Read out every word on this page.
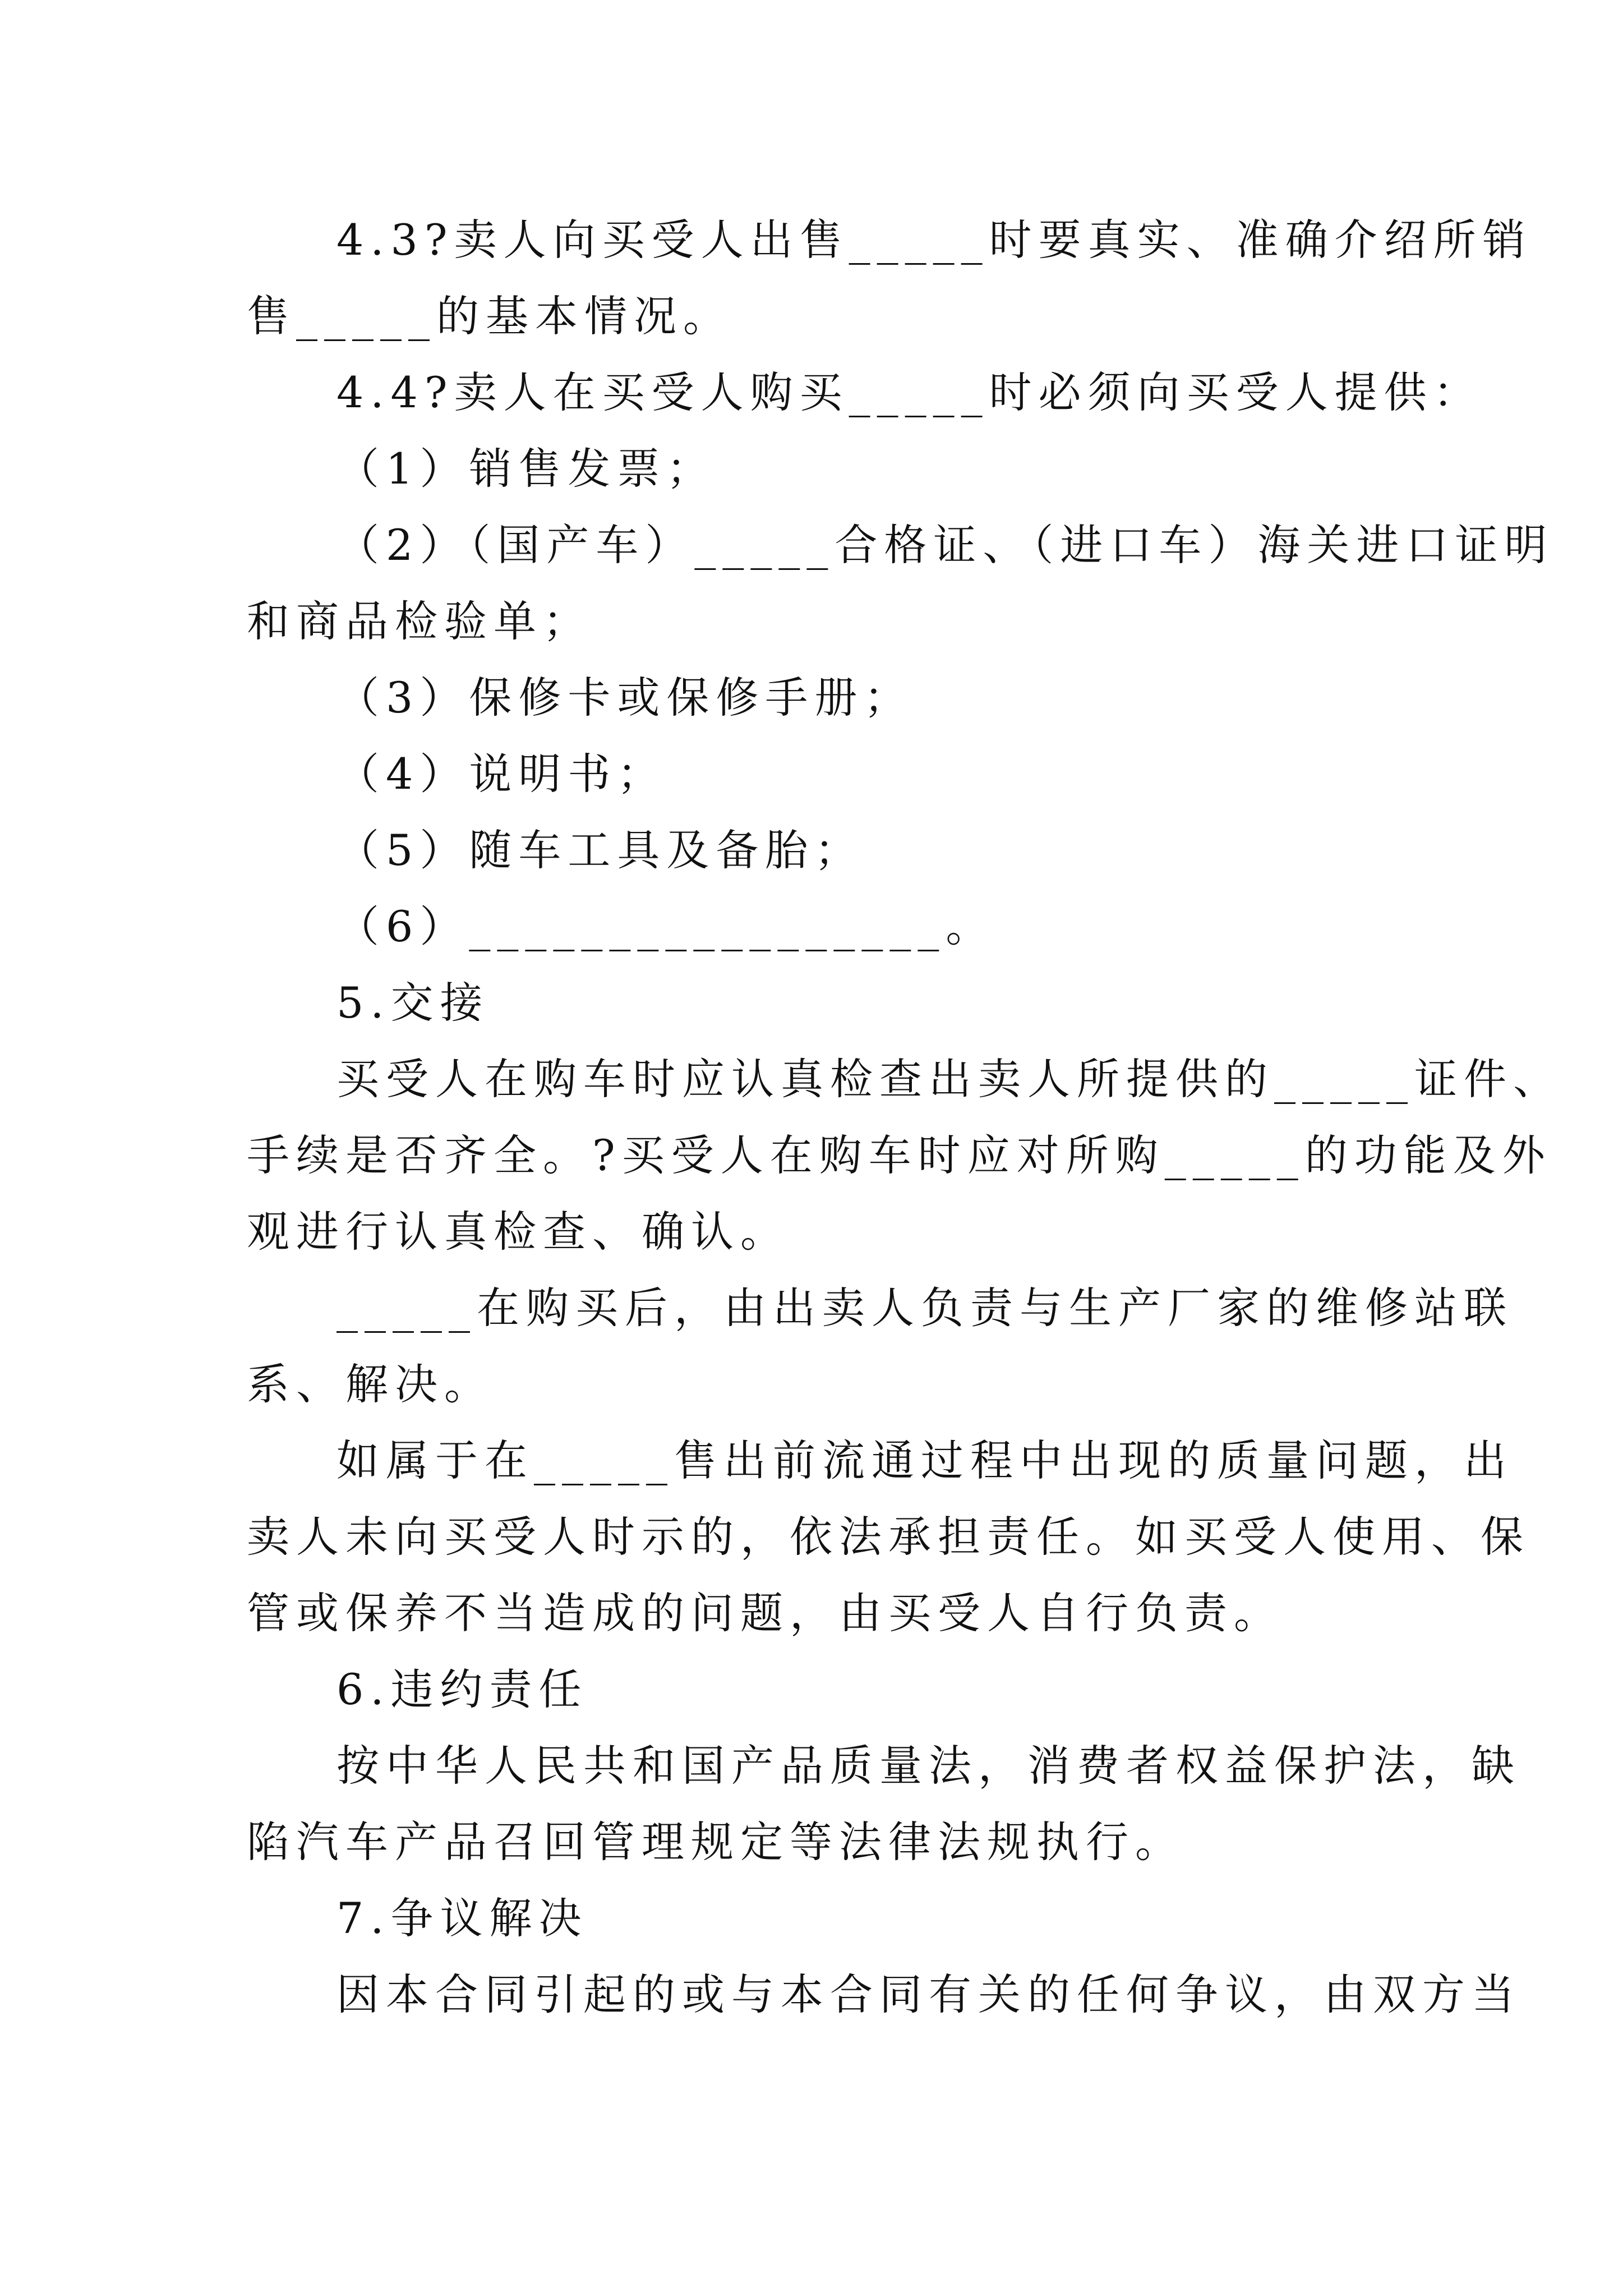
4.3?卖人向买受人出售_____时要真实、准确介绍所销
售_____的基本情况。
4.4?卖人在买受人购买_____时必须向买受人提供：
（1）销售发票；
（2）（国产车）_____合格证、（进口车）海关进口证明
和商品检验单；
（3）保修卡或保修手册；
（4）说明书；
（5）随车工具及备胎；
（6）_________________。
5.交接
买受人在购车时应认真检查出卖人所提供的_____证件、
手续是否齐全。?买受人在购车时应对所购_____的功能及外
观进行认真检查、确认。
_____在购买后，由出卖人负责与生产厂家的维修站联
系、解决。
如属于在_____售出前流通过程中出现的质量问题，出
卖人未向买受人时示的，依法承担责任。如买受人使用、保
管或保养不当造成的问题，由买受人自行负责。
6.违约责任
按中华人民共和国产品质量法，消费者权益保护法，缺
陷汽车产品召回管理规定等法律法规执行。
7.争议解决
因本合同引起的或与本合同有关的任何争议，由双方当
